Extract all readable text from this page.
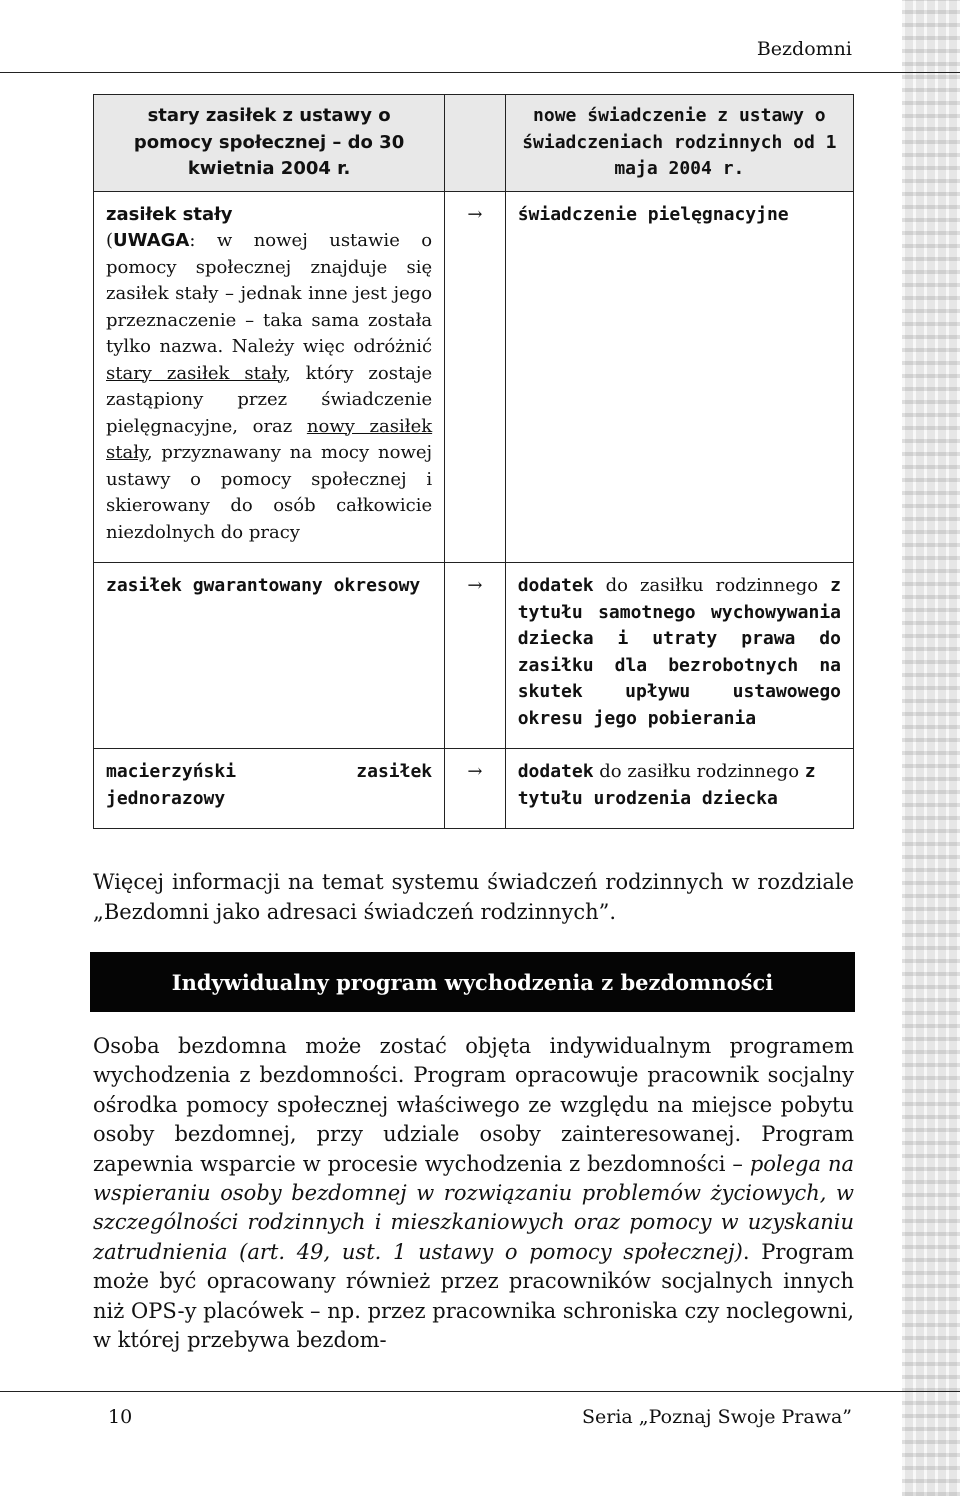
Bezdomni
stary zasiłek z ustawy o pomocy społecznej – do 30 kwietnia 2004 r.		nowe świadczenie z ustawy o świadczeniach rodzinnych od 1 maja 2004 r.

zasiłek stały
(UWAGA: w nowej ustawie o pomocy społecznej znajduje się zasiłek stały – jednak inne jest jego przeznaczenie – taka sama została tylko nazwa. Należy więc odróżnić stary zasiłek stały, który zostaje zastąpiony przez świadczenie pielęgnacyjne, oraz nowy zasiłek stały, przyznawany na mocy nowej ustawy o pomocy społecznej i skierowany do osób całkowicie niezdolnych do pracy	→	świadczenie pielęgnacyjne

zasiłek gwarantowany okresowy	→	dodatek do zasiłku rodzinnego z tytułu samotnego wychowywania dziecka i utraty prawa do zasiłku dla bezrobotnych na skutek upływu ustawowego okresu jego pobierania

macierzyński zasiłek jednorazowy	→	dodatek do zasiłku rodzinnego z tytułu urodzenia dziecka
Więcej informacji na temat systemu świadczeń rodzinnych w rozdziale „Bezdomni jako adresaci świadczeń rodzinnych”.
Indywidualny program wychodzenia z bezdomności
Osoba bezdomna może zostać objęta indywidualnym programem wychodzenia z bezdomności. Program opracowuje pracownik socjalny ośrodka pomocy społecznej właściwego ze względu na miejsce pobytu osoby bezdomnej, przy udziale osoby zainteresowanej. Program zapewnia wsparcie w procesie wychodzenia z bezdomności – polega na wspieraniu osoby bezdomnej w rozwiązaniu problemów życiowych, w szczególności rodzinnych i mieszkaniowych oraz pomocy w uzyskaniu zatrudnienia (art. 49, ust. 1 ustawy o pomocy społecznej). Program może być opracowany również przez pracowników socjalnych innych niż OPS-y placówek – np. przez pracownika schroniska czy noclegowni, w której przebywa bezdom-
10	Seria „Poznaj Swoje Prawa”
